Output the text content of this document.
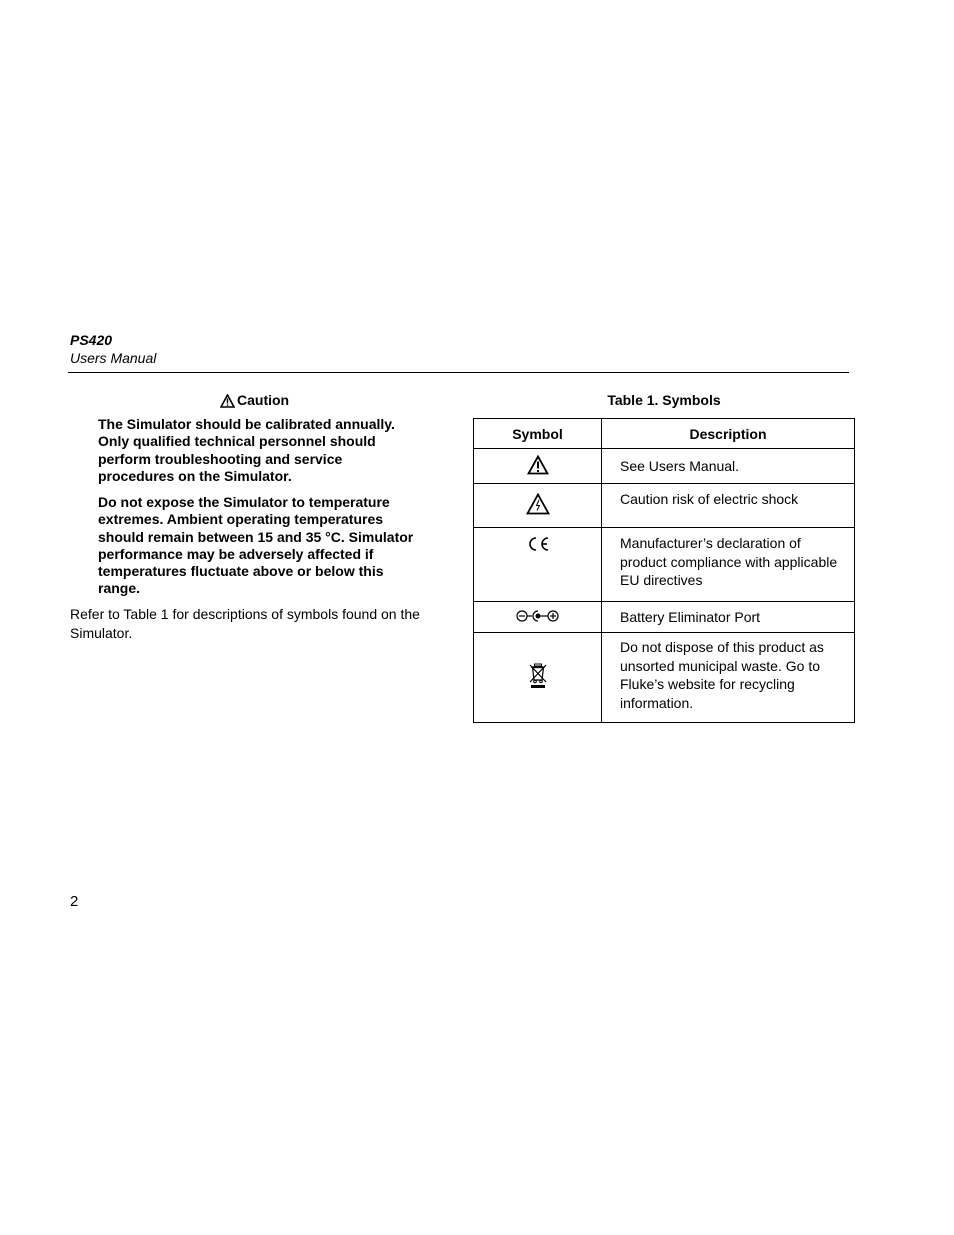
PS420
Users Manual
Caution
The Simulator should be calibrated annually. Only qualified technical personnel should perform troubleshooting and service procedures on the Simulator.
Do not expose the Simulator to temperature extremes. Ambient operating temperatures should remain between 15 and 35 °C. Simulator performance may be adversely affected if temperatures fluctuate above or below this range.
Refer to Table 1 for descriptions of symbols found on the Simulator.
Table 1. Symbols
Symbol	Description
	See Users Manual.
	Caution risk of electric shock
	Manufacturer’s declaration of product compliance with applicable EU directives
	Battery Eliminator Port
	Do not dispose of this product as unsorted municipal waste. Go to Fluke’s website for recycling information.
2
